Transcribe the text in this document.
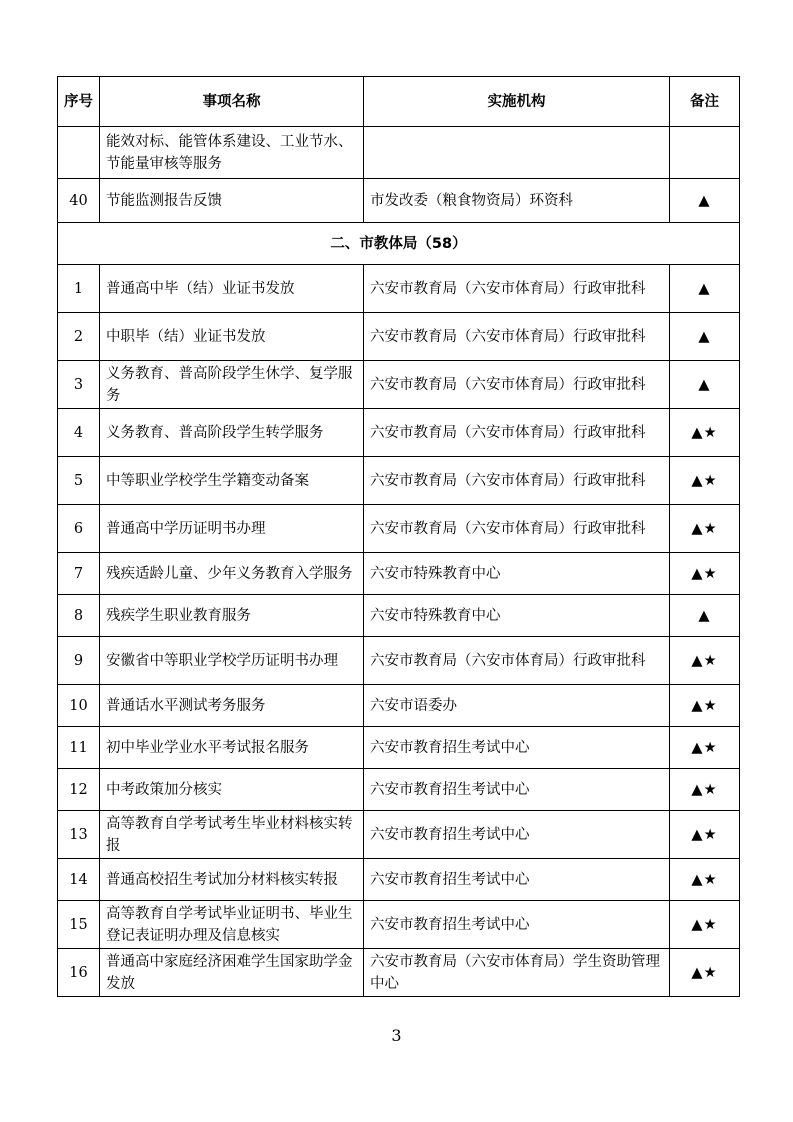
序号	事项名称	实施机构	备注
	能效对标、能管体系建设、工业节水、节能量审核等服务		
40	节能监测报告反馈	市发改委（粮食物资局）环资科	▲
二、市教体局（58）			
1	普通高中毕（结）业证书发放	六安市教育局（六安市体育局）行政审批科	▲
2	中职毕（结）业证书发放	六安市教育局（六安市体育局）行政审批科	▲
3	义务教育、普高阶段学生休学、复学服务	六安市教育局（六安市体育局）行政审批科	▲
4	义务教育、普高阶段学生转学服务	六安市教育局（六安市体育局）行政审批科	▲★
5	中等职业学校学生学籍变动备案	六安市教育局（六安市体育局）行政审批科	▲★
6	普通高中学历证明书办理	六安市教育局（六安市体育局）行政审批科	▲★
7	残疾适龄儿童、少年义务教育入学服务	六安市特殊教育中心	▲★
8	残疾学生职业教育服务	六安市特殊教育中心	▲
9	安徽省中等职业学校学历证明书办理	六安市教育局（六安市体育局）行政审批科	▲★
10	普通话水平测试考务服务	六安市语委办	▲★
11	初中毕业学业水平考试报名服务	六安市教育招生考试中心	▲★
12	中考政策加分核实	六安市教育招生考试中心	▲★
13	高等教育自学考试考生毕业材料核实转报	六安市教育招生考试中心	▲★
14	普通高校招生考试加分材料核实转报	六安市教育招生考试中心	▲★
15	高等教育自学考试毕业证明书、毕业生登记表证明办理及信息核实	六安市教育招生考试中心	▲★
16	普通高中家庭经济困难学生国家助学金发放	六安市教育局（六安市体育局）学生资助管理中心	▲★
3
